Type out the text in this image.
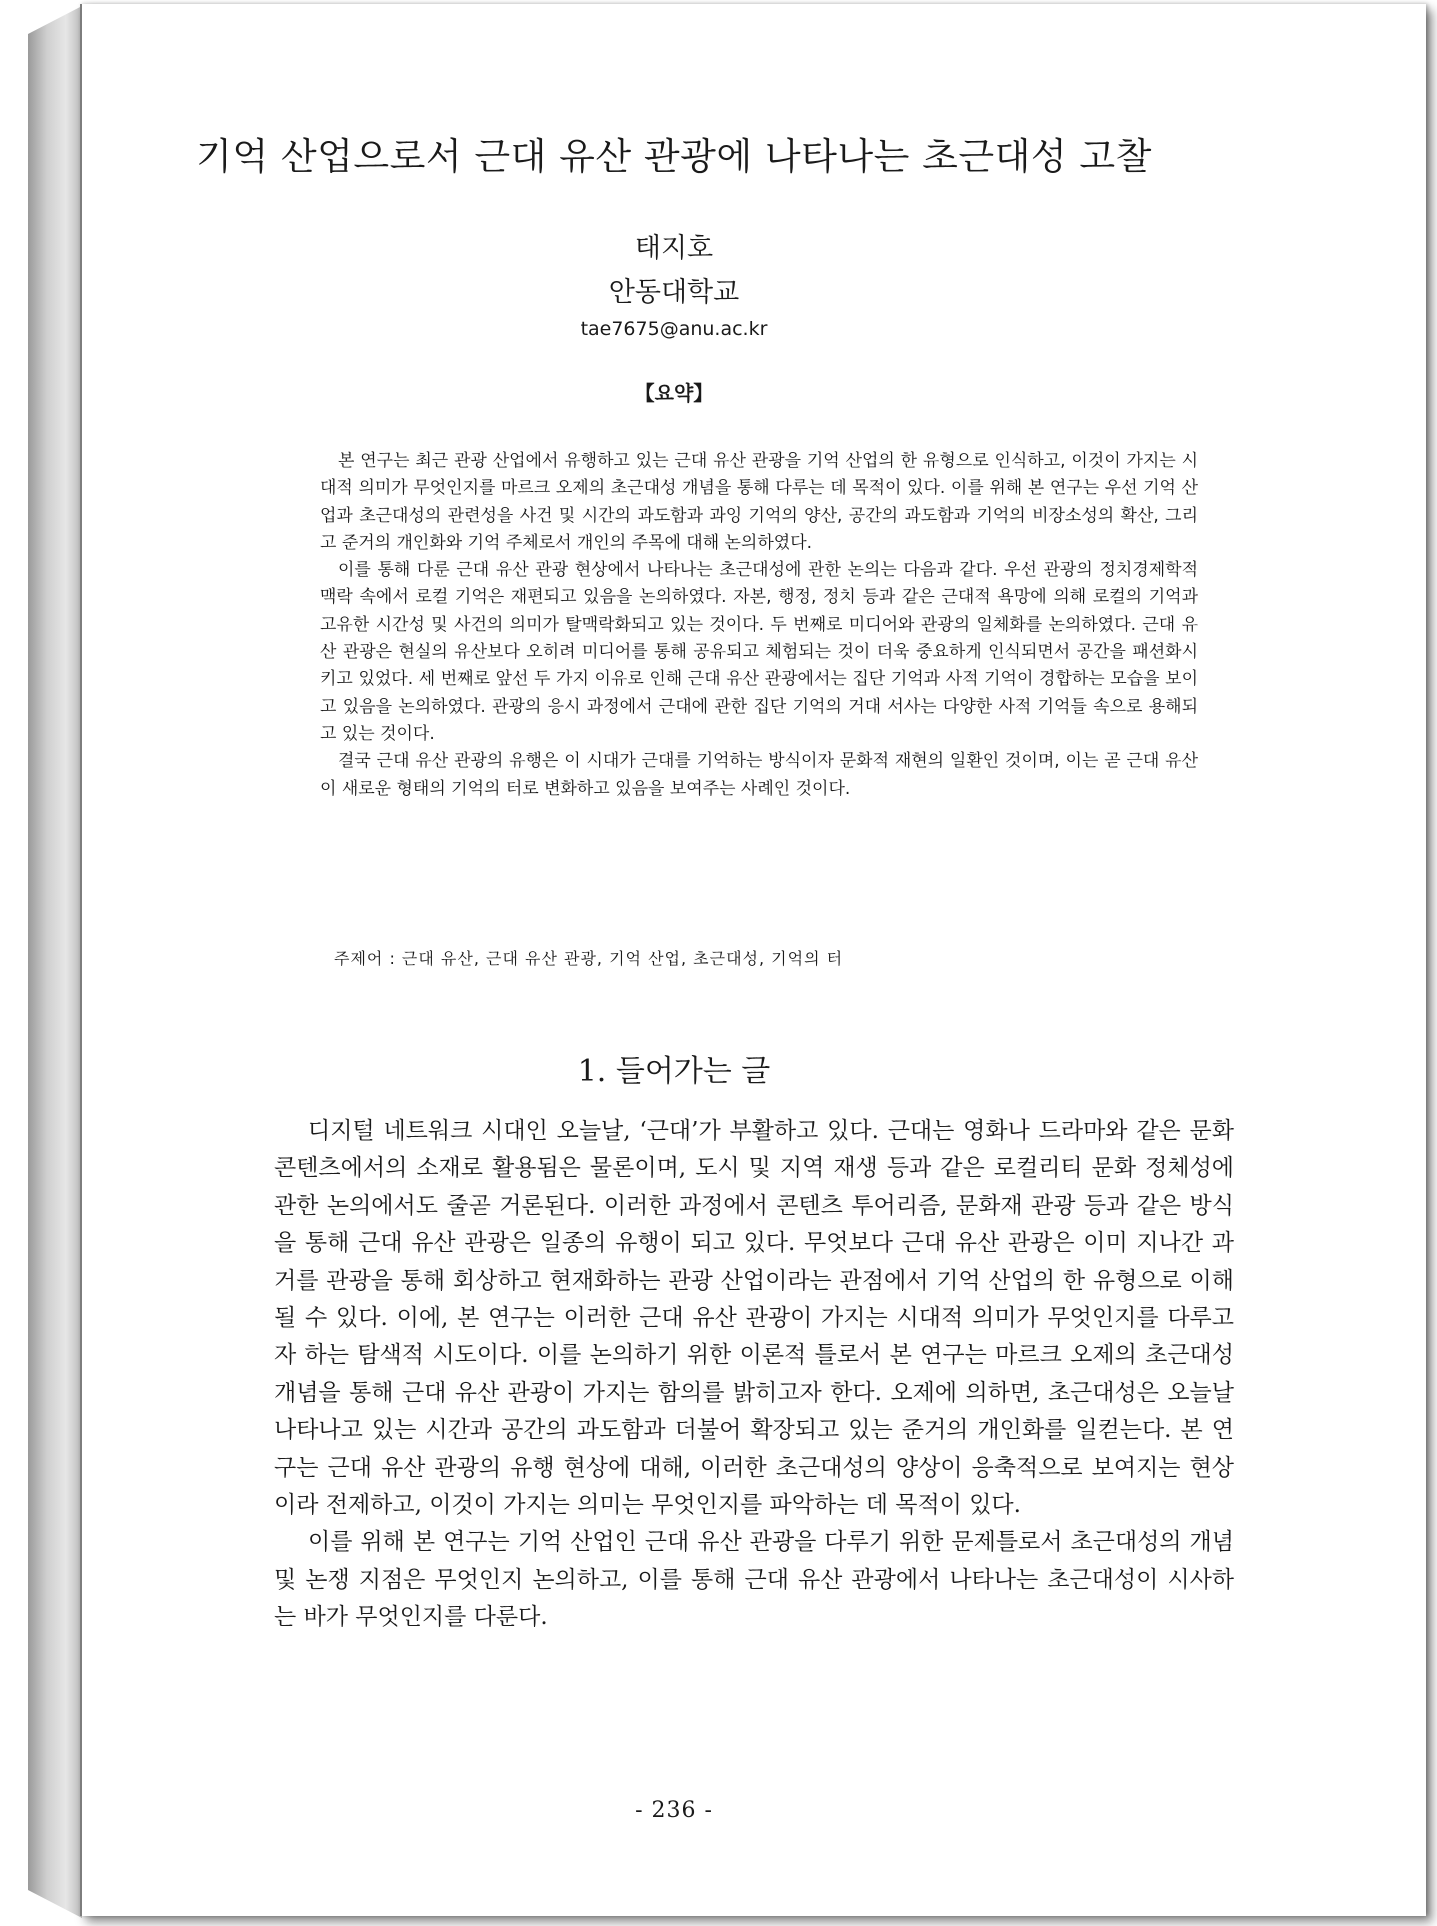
기억 산업으로서 근대 유산 관광에 나타나는 초근대성 고찰

태지호

안동대학교

tae7675@anu.ac.kr

【요약】

본 연구는 최근 관광 산업에서 유행하고 있는 근대 유산 관광을 기억 산업의 한 유형으로 인식하고, 이것이 가지는 시대적 의미가 무엇인지를 마르크 오제의 초근대성 개념을 통해 다루는 데 목적이 있다. 이를 위해 본 연구는 우선 기억 산업과 초근대성의 관련성을 사건 및 시간의 과도함과 과잉 기억의 양산, 공간의 과도함과 기억의 비장소성의 확산, 그리고 준거의 개인화와 기억 주체로서 개인의 주목에 대해 논의하였다.

이를 통해 다룬 근대 유산 관광 현상에서 나타나는 초근대성에 관한 논의는 다음과 같다. 우선 관광의 정치경제학적 맥락 속에서 로컬 기억은 재편되고 있음을 논의하였다. 자본, 행정, 정치 등과 같은 근대적 욕망에 의해 로컬의 기억과 고유한 시간성 및 사건의 의미가 탈맥락화되고 있는 것이다. 두 번째로 미디어와 관광의 일체화를 논의하였다. 근대 유산 관광은 현실의 유산보다 오히려 미디어를 통해 공유되고 체험되는 것이 더욱 중요하게 인식되면서 공간을 패션화시키고 있었다. 세 번째로 앞선 두 가지 이유로 인해 근대 유산 관광에서는 집단 기억과 사적 기억이 경합하는 모습을 보이고 있음을 논의하였다. 관광의 응시 과정에서 근대에 관한 집단 기억의 거대 서사는 다양한 사적 기억들 속으로 용해되고 있는 것이다.

결국 근대 유산 관광의 유행은 이 시대가 근대를 기억하는 방식이자 문화적 재현의 일환인 것이며, 이는 곧 근대 유산이 새로운 형태의 기억의 터로 변화하고 있음을 보여주는 사례인 것이다.

주제어 : 근대 유산, 근대 유산 관광, 기억 산업, 초근대성, 기억의 터

1. 들어가는 글

디지털 네트워크 시대인 오늘날, ‘근대’가 부활하고 있다. 근대는 영화나 드라마와 같은 문화콘텐츠에서의 소재로 활용됨은 물론이며, 도시 및 지역 재생 등과 같은 로컬리티 문화 정체성에 관한 논의에서도 줄곧 거론된다. 이러한 과정에서 콘텐츠 투어리즘, 문화재 관광 등과 같은 방식을 통해 근대 유산 관광은 일종의 유행이 되고 있다. 무엇보다 근대 유산 관광은 이미 지나간 과거를 관광을 통해 회상하고 현재화하는 관광 산업이라는 관점에서 기억 산업의 한 유형으로 이해될 수 있다. 이에, 본 연구는 이러한 근대 유산 관광이 가지는 시대적 의미가 무엇인지를 다루고자 하는 탐색적 시도이다. 이를 논의하기 위한 이론적 틀로서 본 연구는 마르크 오제의 초근대성 개념을 통해 근대 유산 관광이 가지는 함의를 밝히고자 한다. 오제에 의하면, 초근대성은 오늘날 나타나고 있는 시간과 공간의 과도함과 더불어 확장되고 있는 준거의 개인화를 일컫는다. 본 연구는 근대 유산 관광의 유행 현상에 대해, 이러한 초근대성의 양상이 응축적으로 보여지는 현상이라 전제하고, 이것이 가지는 의미는 무엇인지를 파악하는 데 목적이 있다.

이를 위해 본 연구는 기억 산업인 근대 유산 관광을 다루기 위한 문제틀로서 초근대성의 개념 및 논쟁 지점은 무엇인지 논의하고, 이를 통해 근대 유산 관광에서 나타나는 초근대성이 시사하는 바가 무엇인지를 다룬다.

- 236 -
